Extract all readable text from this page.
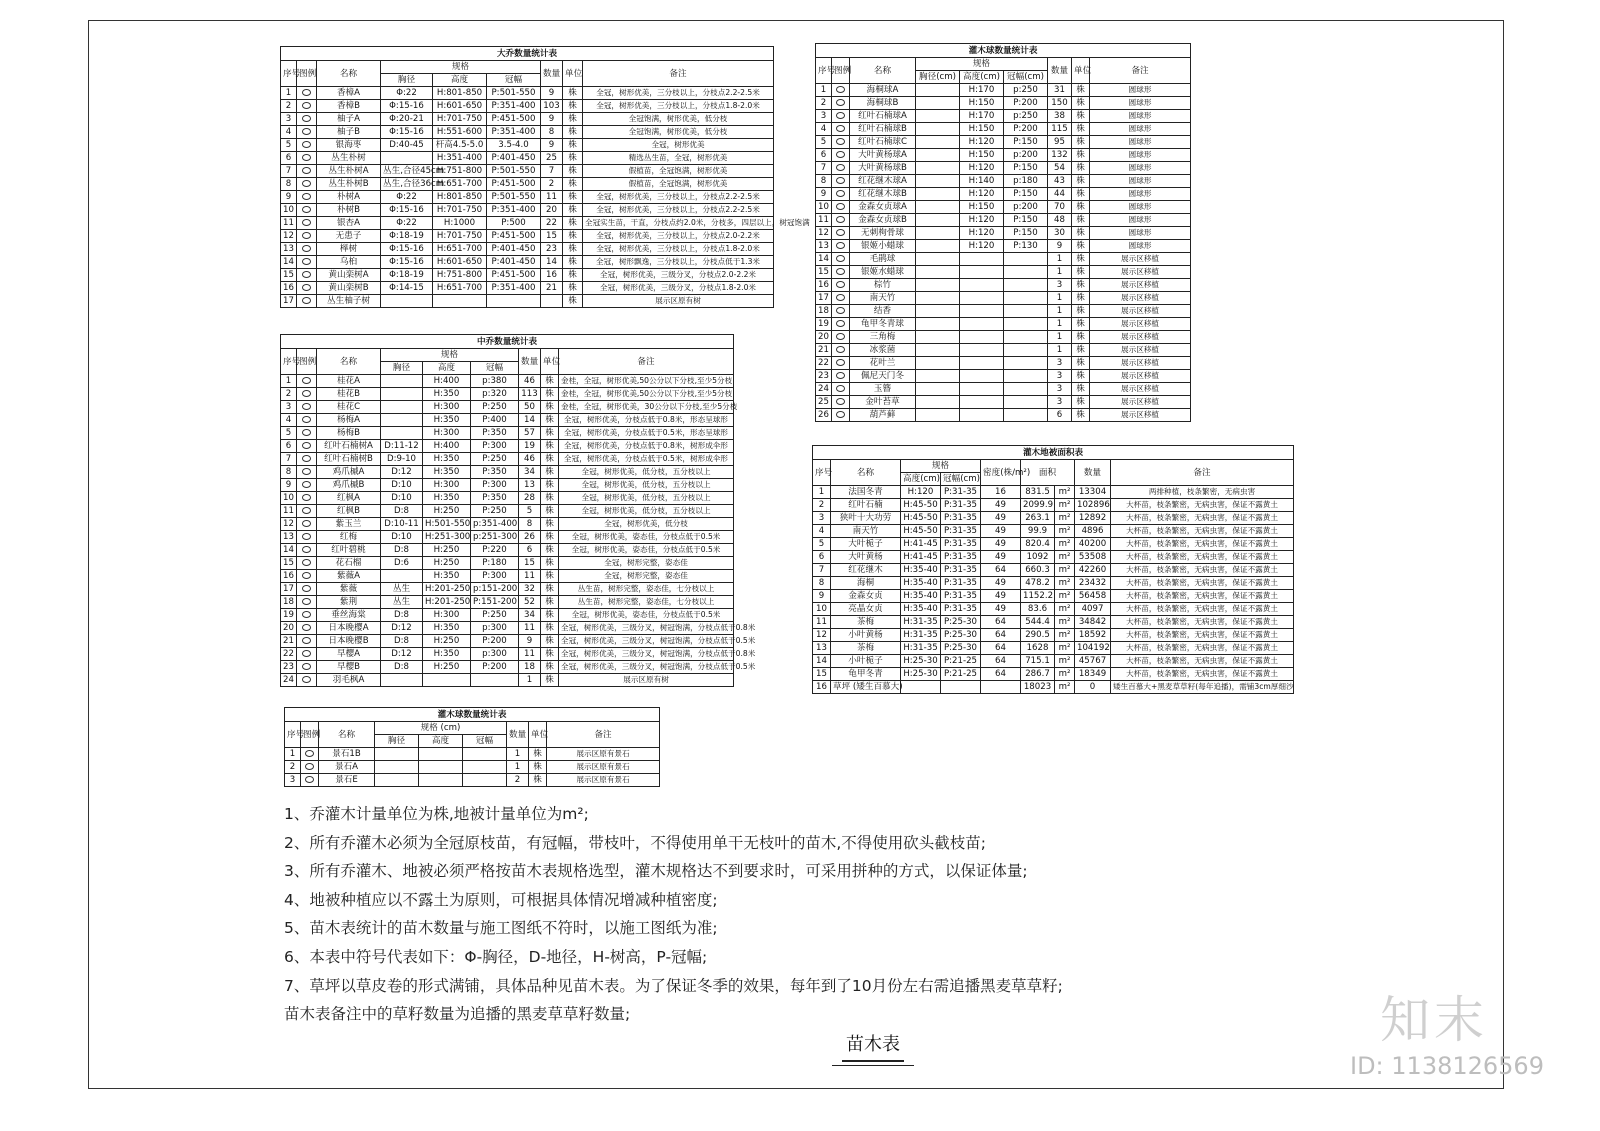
大乔数量统计表								
序号	图例	名称	规格			数量	单位	备注
			胸径	高度	冠幅			
1		香樟A	Φ:22	H:801-850	P:501-550	9	株	全冠，树形优美，三分枝以上，分枝点2.2-2.5米
2		香樟B	Φ:15-16	H:601-650	P:351-400	103	株	全冠，树形优美，三分枝以上，分枝点1.8-2.0米
3		柚子A	Φ:20-21	H:701-750	P:451-500	9	株	全冠饱满，树形优美，低分枝
4		柚子B	Φ:15-16	H:551-600	P:351-400	8	株	全冠饱满，树形优美，低分枝
5		银海枣	D:40-45	杆高4.5-5.0	3.5-4.0	9	株	全冠，树形优美
6		丛生朴树		H:351-400	P:401-450	25	株	精选丛生苗，全冠，树形优美
7		丛生朴树A	丛生,合径45cm	H:751-800	P:501-550	7	株	假植苗，全冠饱满，树形优美
8		丛生朴树B	丛生,合径36cm	H:651-700	P:451-500	2	株	假植苗，全冠饱满，树形优美
9		朴树A	Φ:22	H:801-850	P:501-550	11	株	全冠，树形优美，三分枝以上，分枝点2.2-2.5米
10		朴树B	Φ:15-16	H:701-750	P:351-400	20	株	全冠，树形优美，三分枝以上，分枝点2.2-2.5米
11		银杏A	Φ:22	H:1000	P:500	22	株	全冠实生苗，干直，分枝点约2.0米，分枝多，四层以上，树冠饱满
12		无患子	Φ:18-19	H:701-750	P:451-500	15	株	全冠，树形优美，三分枝以上，分枝点2.0-2.2米
13		榉树	Φ:15-16	H:651-700	P:401-450	23	株	全冠，树形优美，三分枝以上，分枝点1.8-2.0米
14		乌桕	Φ:15-16	H:601-650	P:401-450	14	株	全冠，树形飘逸，三分枝以上，分枝点低于1.3米
15		黄山栾树A	Φ:18-19	H:751-800	P:451-500	16	株	全冠，树形优美，三级分叉，分枝点2.0-2.2米
16		黄山栾树B	Φ:14-15	H:651-700	P:351-400	21	株	全冠，树形优美，三级分叉，分枝点1.8-2.0米
17		丛生柚子树					株	展示区原有树
中乔数量统计表								
序号	图例	名称	规格			数量	单位	备注
			胸径	高度	冠幅			
1		桂花A		H:400	p:380	46	株	金桂，全冠，树形优美,50公分以下分枝,至少5分枝
2		桂花B		H:350	p:320	113	株	金桂，全冠，树形优美,50公分以下分枝,至少5分枝
3		桂花C		H:300	P:250	50	株	金桂，全冠，树形优美，30公分以下分枝,至少5分枝
4		杨梅A		H:350	P:400	14	株	全冠，树形优美，分枝点低于0.8米，形态呈球形
5		杨梅B		H:300	P:350	57	株	全冠，树形优美，分枝点低于0.5米，形态呈球形
6		红叶石楠树A	D:11-12	H:400	P:300	19	株	全冠，树形优美，分枝点低于0.8米，树形成伞形
7		红叶石楠树B	D:9-10	H:350	P:250	46	株	全冠，树形优美，分枝点低于0.5米，树形成伞形
8		鸡爪槭A	D:12	H:350	P:350	34	株	全冠，树形优美，低分枝，五分枝以上
9		鸡爪槭B	D:10	H:300	P:300	13	株	全冠，树形优美，低分枝，五分枝以上
10		红枫A	D:10	H:350	P:350	28	株	全冠，树形优美，低分枝，五分枝以上
11		红枫B	D:8	H:250	P:250	5	株	全冠，树形优美，低分枝，五分枝以上
12		紫玉兰	D:10-11	H:501-550	p:351-400	8	株	全冠，树形优美，低分枝
13		红梅	D:10	H:251-300	p:251-300	26	株	全冠，树形优美，姿态佳，分枝点低于0.5米
14		红叶碧桃	D:8	H:250	P:220	6	株	全冠，树形优美，姿态佳，分枝点低于0.5米
15		花石榴	D:6	H:250	P:180	15	株	全冠，树形完整，姿态佳
16		紫薇A		H:350	P:300	11	株	全冠，树形完整，姿态佳
17		紫薇	丛生	H:201-250	p:151-200	32	株	丛生苗，树形完整，姿态佳，七分枝以上
18		紫荆	丛生	H:201-250	P:151-200	52	株	丛生苗，树形完整，姿态佳，七分枝以上
19		垂丝海棠	D:8	H:300	P:250	34	株	全冠，树形优美，姿态佳，分枝点低于0.5米
20		日本晚樱A	D:12	H:350	p:300	11	株	全冠，树形优美，三级分叉，树冠饱满，分枝点低于0.8米
21		日本晚樱B	D:8	H:250	P:200	9	株	全冠，树形优美，三级分叉，树冠饱满，分枝点低于0.5米
22		早樱A	D:12	H:350	p:300	11	株	全冠，树形优美，三级分叉，树冠饱满，分枝点低于0.8米
23		早樱B	D:8	H:250	P:200	18	株	全冠，树形优美，三级分叉，树冠饱满，分枝点低于0.5米
24		羽毛枫A				1	株	展示区原有树
灌木球数量统计表								
序号	图例	名称	规格 (cm)			数量	单位	备注
			胸径	高度	冠幅			
1		景石1B				1	株	展示区原有景石
2		景石A				1	株	展示区原有景石
3		景石E				2	株	展示区原有景石
灌木球数量统计表								
序号	图例	名称	规格			数量	单位	备注
			胸径(cm)	高度(cm)	冠幅(cm)			
1		海桐球A		H:170	p:250	31	株	圆球形
2		海桐球B		H:150	P:200	150	株	圆球形
3		红叶石楠球A		H:170	p:250	38	株	圆球形
4		红叶石楠球B		H:150	P:200	115	株	圆球形
5		红叶石楠球C		H:120	P:150	95	株	圆球形
6		大叶黄杨球A		H:150	p:200	132	株	圆球形
7		大叶黄杨球B		H:120	P:150	54	株	圆球形
8		红花继木球A		H:140	p:180	43	株	圆球形
9		红花继木球B		H:120	P:150	44	株	圆球形
10		金森女贞球A		H:150	p:200	70	株	圆球形
11		金森女贞球B		H:120	P:150	48	株	圆球形
12		无刺枸骨球		H:120	P:150	30	株	圆球形
13		银姬小蜡球		H:120	P:130	9	株	圆球形
14		毛鹃球				1	株	展示区移植
15		银姬水蜡球				1	株	展示区移植
16		棕竹				3	株	展示区移植
17		南天竹				1	株	展示区移植
18		结香				1	株	展示区移植
19		龟甲冬青球				1	株	展示区移植
20		三角梅				1	株	展示区移植
21		冰浆菌				1	株	展示区移植
22		花叶兰				3	株	展示区移植
23		佩尼天门冬				3	株	展示区移植
24		玉簪				3	株	展示区移植
25		金叶苔草				3	株	展示区移植
26		葫芦藓				6	株	展示区移植
灌木地被面积表								
序号	名称	规格		密度(株/m²)	面积		数量	备注
		高度(cm)	冠幅(cm)					
1	法国冬青	H:120	P:31-35	16	831.5	m²	13304	两排种植，枝条繁密，无病虫害
2	红叶石楠	H:45-50	P:31-35	49	2099.9	m²	102896	大杯苗，枝条繁密，无病虫害，保证不露黄土
3	狭叶十大功劳	H:45-50	P:31-35	49	263.1	m²	12892	大杯苗，枝条繁密，无病虫害，保证不露黄土
4	南天竹	H:45-50	P:31-35	49	99.9	m²	4896	大杯苗，枝条繁密，无病虫害，保证不露黄土
5	大叶栀子	H:41-45	P:31-35	49	820.4	m²	40200	大杯苗，枝条繁密，无病虫害，保证不露黄土
6	大叶黄杨	H:41-45	P:31-35	49	1092	m²	53508	大杯苗，枝条繁密，无病虫害，保证不露黄土
7	红花继木	H:35-40	P:31-35	64	660.3	m²	42260	大杯苗，枝条繁密，无病虫害，保证不露黄土
8	海桐	H:35-40	P:31-35	49	478.2	m²	23432	大杯苗，枝条繁密，无病虫害，保证不露黄土
9	金森女贞	H:35-40	P:31-35	49	1152.2	m²	56458	大杯苗，枝条繁密，无病虫害，保证不露黄土
10	亮晶女贞	H:35-40	P:31-35	49	83.6	m²	4097	大杯苗，枝条繁密，无病虫害，保证不露黄土
11	茶梅	H:31-35	P:25-30	64	544.4	m²	34842	大杯苗，枝条繁密，无病虫害，保证不露黄土
12	小叶黄杨	H:31-35	P:25-30	64	290.5	m²	18592	大杯苗，枝条繁密，无病虫害，保证不露黄土
13	茶梅	H:31-35	P:25-30	64	1628	m²	104192	大杯苗，枝条繁密，无病虫害，保证不露黄土
14	小叶栀子	H:25-30	P:21-25	64	715.1	m²	45767	大杯苗，枝条繁密，无病虫害，保证不露黄土
15	龟甲冬青	H:25-30	P:21-25	64	286.7	m²	18349	大杯苗，枝条繁密，无病虫害，保证不露黄土
16	草坪 (矮生百慕大)				18023	m²	0	矮生百慕大+黑麦草草籽(每年追播)，需铺3cm厚细沙
1、乔灌木计量单位为株,地被计量单位为m²;
2、所有乔灌木必须为全冠原枝苗，有冠幅，带枝叶，不得使用单干无枝叶的苗木,不得使用砍头截枝苗;
3、所有乔灌木、地被必须严格按苗木表规格选型，灌木规格达不到要求时，可采用拼种的方式，以保证体量;
4、地被种植应以不露土为原则，可根据具体情况增减种植密度;
5、苗木表统计的苗木数量与施工图纸不符时，以施工图纸为准;
6、本表中符号代表如下：Φ-胸径，D-地径，H-树高，P-冠幅;
7、草坪以草皮卷的形式满铺，具体品种见苗木表。为了保证冬季的效果，每年到了10月份左右需追播黑麦草草籽;
苗木表备注中的草籽数量为追播的黑麦草草籽数量;
苗木表	知末
ID: 1138126569
